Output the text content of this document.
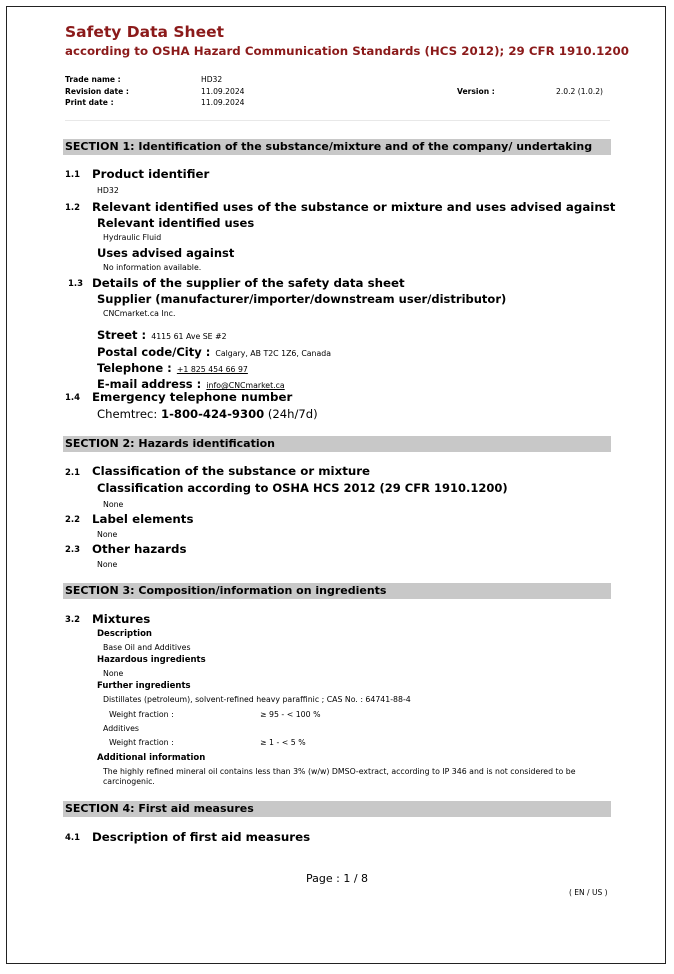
Safety Data Sheet
according to OSHA Hazard Communication Standards (HCS 2012); 29 CFR 1910.1200
Trade name :	HD32
Revision date :	11.09.2024	Version :	2.0.2 (1.0.2)
Print date :	11.09.2024
SECTION 1: Identification of the substance/mixture and of the company/ undertaking
1.1 Product identifier
HD32
1.2 Relevant identified uses of the substance or mixture and uses advised against
Relevant identified uses
Hydraulic Fluid
Uses advised against
No information available.
1.3 Details of the supplier of the safety data sheet
Supplier (manufacturer/importer/downstream user/distributor)
CNCmarket.ca Inc.
Street : 4115 61 Ave SE #2
Postal code/City : Calgary, AB T2C 1Z6, Canada
Telephone : +1 825 454 66 97
E-mail address : info@CNCmarket.ca
1.4 Emergency telephone number
Chemtrec: 1-800-424-9300 (24h/7d)
SECTION 2: Hazards identification
2.1 Classification of the substance or mixture
Classification according to OSHA HCS 2012 (29 CFR 1910.1200)
None
2.2 Label elements
None
2.3 Other hazards
None
SECTION 3: Composition/information on ingredients
3.2 Mixtures
Description
Base Oil and Additives
Hazardous ingredients
None
Further ingredients
Distillates (petroleum), solvent-refined heavy paraffinic ; CAS No. : 64741-88-4
Weight fraction :	≥ 95 - < 100 %
Additives
Weight fraction :	≥ 1 - < 5 %
Additional information
The highly refined mineral oil contains less than 3% (w/w) DMSO-extract, according to IP 346 and is not considered to be carcinogenic.
SECTION 4: First aid measures
4.1 Description of first aid measures
Page : 1 / 8
( EN / US )
